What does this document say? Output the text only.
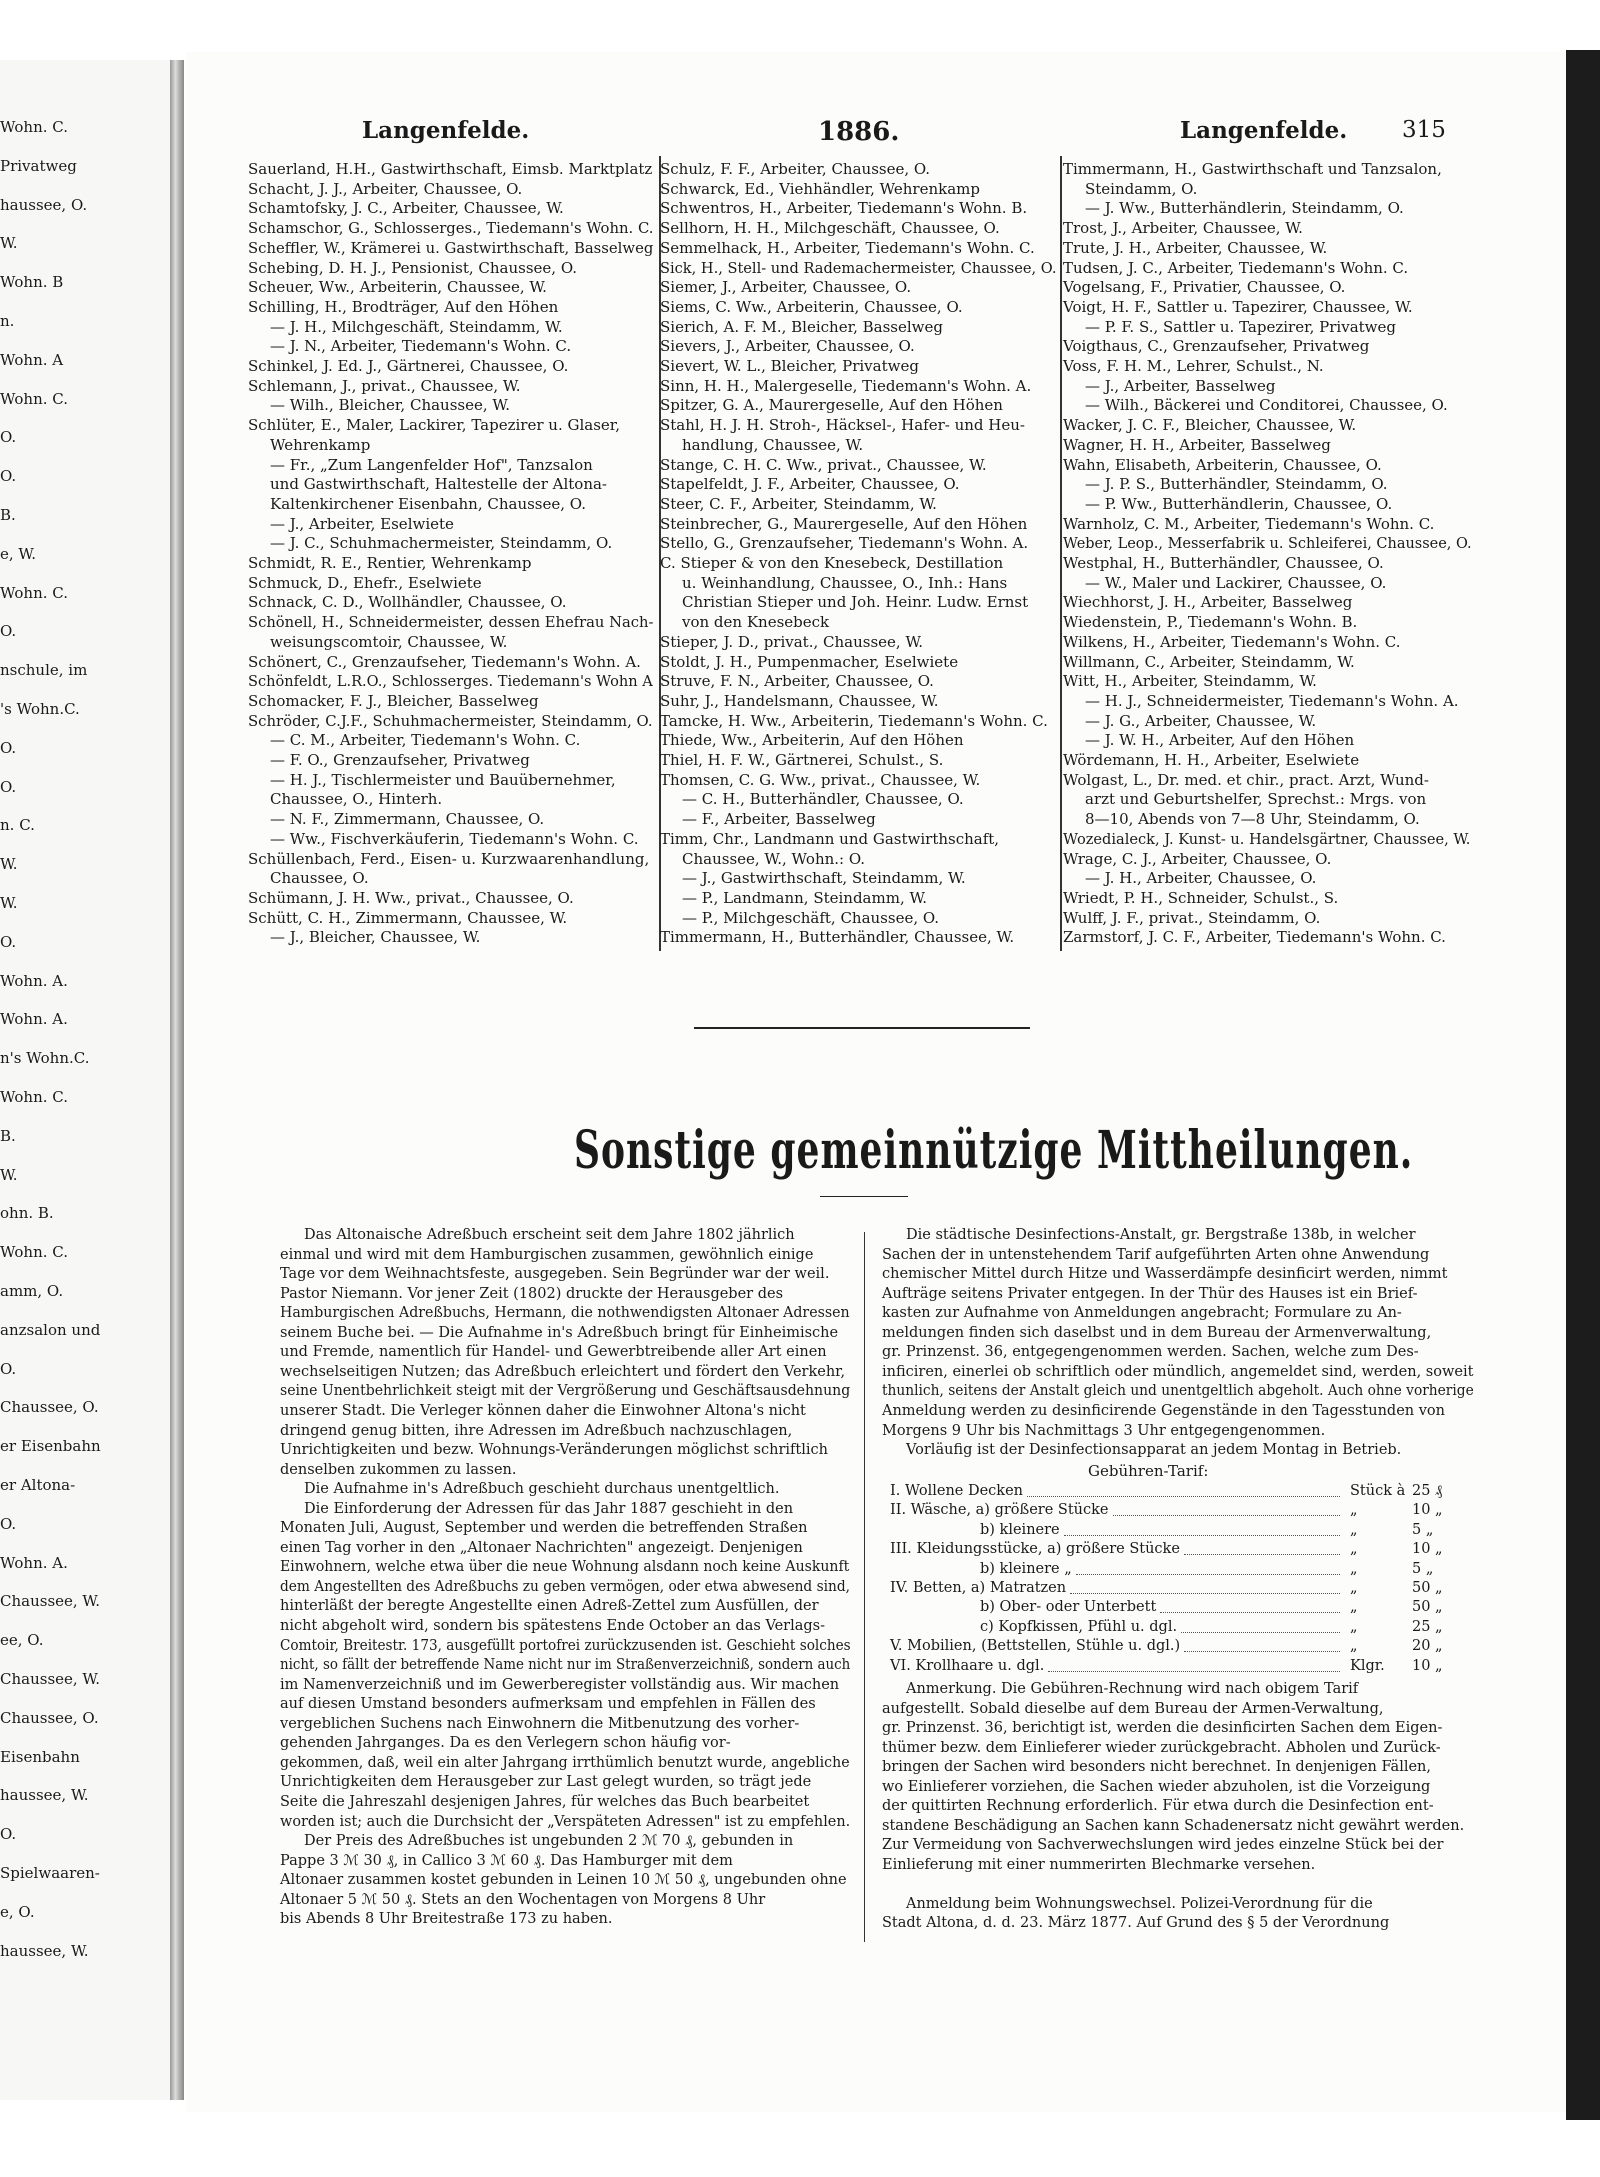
Langenfelde.	1886.	Langenfelde. 315
Sauerland, H.H., Gastwirthschaft, Eimsb. Marktplatz
Schacht, J. J., Arbeiter, Chaussee, O.
Schamtofsky, J. C., Arbeiter, Chaussee, W.
Schamschor, G., Schlosserges., Tiedemann's Wohn. C.
Scheffler, W., Krämerei u. Gastwirthschaft, Basselweg
Schebing, D. H. J., Pensionist, Chaussee, O.
Scheuer, Ww., Arbeiterin, Chaussee, W.
Schilling, H., Brodträger, Auf den Höhen
— J. H., Milchgeschäft, Steindamm, W.
— J. N., Arbeiter, Tiedemann's Wohn. C.
Schinkel, J. Ed. J., Gärtnerei, Chaussee, O.
Schlemann, J., privat., Chaussee, W.
— Wilh., Bleicher, Chaussee, W.
Schlüter, E., Maler, Lackirer, Tapezirer u. Glaser,
Wehrenkamp
— Fr., „Zum Langenfelder Hof", Tanzsalon
und Gastwirthschaft, Haltestelle der Altona-
Kaltenkirchener Eisenbahn, Chaussee, O.
— J., Arbeiter, Eselwiete
— J. C., Schuhmachermeister, Steindamm, O.
Schmidt, R. E., Rentier, Wehrenkamp
Schmuck, D., Ehefr., Eselwiete
Schnack, C. D., Wollhändler, Chaussee, O.
Schönell, H., Schneidermeister, dessen Ehefrau Nach-
weisungscomtoir, Chaussee, W.
Schönert, C., Grenzaufseher, Tiedemann's Wohn. A.
Schönfeldt, L.R.O., Schlosserges. Tiedemann's Wohn A
Schomacker, F. J., Bleicher, Basselweg
Schröder, C.J.F., Schuhmachermeister, Steindamm, O.
— C. M., Arbeiter, Tiedemann's Wohn. C.
— F. O., Grenzaufseher, Privatweg
— H. J., Tischlermeister und Bauübernehmer,
Chaussee, O., Hinterh.
— N. F., Zimmermann, Chaussee, O.
— Ww., Fischverkäuferin, Tiedemann's Wohn. C.
Schüllenbach, Ferd., Eisen- u. Kurzwaarenhandlung,
Chaussee, O.
Schümann, J. H. Ww., privat., Chaussee, O.
Schütt, C. H., Zimmermann, Chaussee, W.
— J., Bleicher, Chaussee, W.
Schulz, F. F., Arbeiter, Chaussee, O.
Schwarck, Ed., Viehhändler, Wehrenkamp
Schwentros, H., Arbeiter, Tiedemann's Wohn. B.
Sellhorn, H. H., Milchgeschäft, Chaussee, O.
Semmelhack, H., Arbeiter, Tiedemann's Wohn. C.
Sick, H., Stell- und Rademachermeister, Chaussee, O.
Siemer, J., Arbeiter, Chaussee, O.
Siems, C. Ww., Arbeiterin, Chaussee, O.
Sierich, A. F. M., Bleicher, Basselweg
Sievers, J., Arbeiter, Chaussee, O.
Sievert, W. L., Bleicher, Privatweg
Sinn, H. H., Malergeselle, Tiedemann's Wohn. A.
Spitzer, G. A., Maurergeselle, Auf den Höhen
Stahl, H. J. H. Stroh-, Häcksel-, Hafer- und Heu-
handlung, Chaussee, W.
Stange, C. H. C. Ww., privat., Chaussee, W.
Stapelfeldt, J. F., Arbeiter, Chaussee, O.
Steer, C. F., Arbeiter, Steindamm, W.
Steinbrecher, G., Maurergeselle, Auf den Höhen
Stello, G., Grenzaufseher, Tiedemann's Wohn. A.
C. Stieper & von den Knesebeck, Destillation
u. Weinhandlung, Chaussee, O., Inh.: Hans
Christian Stieper und Joh. Heinr. Ludw. Ernst
von den Knesebeck
Stieper, J. D., privat., Chaussee, W.
Stoldt, J. H., Pumpenmacher, Eselwiete
Struve, F. N., Arbeiter, Chaussee, O.
Suhr, J., Handelsmann, Chaussee, W.
Tamcke, H. Ww., Arbeiterin, Tiedemann's Wohn. C.
Thiede, Ww., Arbeiterin, Auf den Höhen
Thiel, H. F. W., Gärtnerei, Schulst., S.
Thomsen, C. G. Ww., privat., Chaussee, W.
— C. H., Butterhändler, Chaussee, O.
— F., Arbeiter, Basselweg
Timm, Chr., Landmann und Gastwirthschaft,
Chaussee, W., Wohn.: O.
— J., Gastwirthschaft, Steindamm, W.
— P., Landmann, Steindamm, W.
— P., Milchgeschäft, Chaussee, O.
Timmermann, H., Butterhändler, Chaussee, W.
Timmermann, H., Gastwirthschaft und Tanzsalon,
Steindamm, O.
— J. Ww., Butterhändlerin, Steindamm, O.
Trost, J., Arbeiter, Chaussee, W.
Trute, J. H., Arbeiter, Chaussee, W.
Tudsen, J. C., Arbeiter, Tiedemann's Wohn. C.
Vogelsang, F., Privatier, Chaussee, O.
Voigt, H. F., Sattler u. Tapezirer, Chaussee, W.
— P. F. S., Sattler u. Tapezirer, Privatweg
Voigthaus, C., Grenzaufseher, Privatweg
Voss, F. H. M., Lehrer, Schulst., N.
— J., Arbeiter, Basselweg
— Wilh., Bäckerei und Conditorei, Chaussee, O.
Wacker, J. C. F., Bleicher, Chaussee, W.
Wagner, H. H., Arbeiter, Basselweg
Wahn, Elisabeth, Arbeiterin, Chaussee, O.
— J. P. S., Butterhändler, Steindamm, O.
— P. Ww., Butterhändlerin, Chaussee, O.
Warnholz, C. M., Arbeiter, Tiedemann's Wohn. C.
Weber, Leop., Messerfabrik u. Schleiferei, Chaussee, O.
Westphal, H., Butterhändler, Chaussee, O.
— W., Maler und Lackirer, Chaussee, O.
Wiechhorst, J. H., Arbeiter, Basselweg
Wiedenstein, P., Tiedemann's Wohn. B.
Wilkens, H., Arbeiter, Tiedemann's Wohn. C.
Willmann, C., Arbeiter, Steindamm, W.
Witt, H., Arbeiter, Steindamm, W.
— H. J., Schneidermeister, Tiedemann's Wohn. A.
— J. G., Arbeiter, Chaussee, W.
— J. W. H., Arbeiter, Auf den Höhen
Wördemann, H. H., Arbeiter, Eselwiete
Wolgast, L., Dr. med. et chir., pract. Arzt, Wund-
arzt und Geburtshelfer, Sprechst.: Mrgs. von
8—10, Abends von 7—8 Uhr, Steindamm, O.
Wozedialeck, J. Kunst- u. Handelsgärtner, Chaussee, W.
Wrage, C. J., Arbeiter, Chaussee, O.
— J. H., Arbeiter, Chaussee, O.
Wriedt, P. H., Schneider, Schulst., S.
Wulff, J. F., privat., Steindamm, O.
Zarmstorf, J. C. F., Arbeiter, Tiedemann's Wohn. C.
Sonstige gemeinnützige Mittheilungen.
Das Altonaische Adreßbuch erscheint seit dem Jahre 1802 jährlich
einmal und wird mit dem Hamburgischen zusammen, gewöhnlich einige
Tage vor dem Weihnachtsfeste, ausgegeben. Sein Begründer war der weil.
Pastor Niemann. Vor jener Zeit (1802) druckte der Herausgeber des
Hamburgischen Adreßbuchs, Hermann, die nothwendigsten Altonaer Adressen
seinem Buche bei. — Die Aufnahme in's Adreßbuch bringt für Einheimische
und Fremde, namentlich für Handel- und Gewerbtreibende aller Art einen
wechselseitigen Nutzen; das Adreßbuch erleichtert und fördert den Verkehr,
seine Unentbehrlichkeit steigt mit der Vergrößerung und Geschäftsausdehnung
unserer Stadt. Die Verleger können daher die Einwohner Altona's nicht
dringend genug bitten, ihre Adressen im Adreßbuch nachzuschlagen,
Unrichtigkeiten und bezw. Wohnungs-Veränderungen möglichst schriftlich
denselben zukommen zu lassen.
Die Aufnahme in's Adreßbuch geschieht durchaus unentgeltlich.
Die Einforderung der Adressen für das Jahr 1887 geschieht in den
Monaten Juli, August, September und werden die betreffenden Straßen
einen Tag vorher in den „Altonaer Nachrichten" angezeigt. Denjenigen
Einwohnern, welche etwa über die neue Wohnung alsdann noch keine Auskunft
dem Angestellten des Adreßbuchs zu geben vermögen, oder etwa abwesend sind,
hinterläßt der beregte Angestellte einen Adreß-Zettel zum Ausfüllen, der
nicht abgeholt wird, sondern bis spätestens Ende October an das Verlags-
Comtoir, Breitestr. 173, ausgefüllt portofrei zurückzusenden ist. Geschieht solches
nicht, so fällt der betreffende Name nicht nur im Straßenverzeichniß, sondern auch
im Namenverzeichniß und im Gewerberegister vollständig aus. Wir machen
auf diesen Umstand besonders aufmerksam und empfehlen in Fällen des
vergeblichen Suchens nach Einwohnern die Mitbenutzung des vorher-
gehenden Jahrganges. Da es den Verlegern schon häufig vor-
gekommen, daß, weil ein alter Jahrgang irrthümlich benutzt wurde, angebliche
Unrichtigkeiten dem Herausgeber zur Last gelegt wurden, so trägt jede
Seite die Jahreszahl desjenigen Jahres, für welches das Buch bearbeitet
worden ist; auch die Durchsicht der „Verspäteten Adressen" ist zu empfehlen.
Der Preis des Adreßbuches ist ungebunden 2 ℳ 70 ₰, gebunden in
Pappe 3 ℳ 30 ₰, in Callico 3 ℳ 60 ₰. Das Hamburger mit dem
Altonaer zusammen kostet gebunden in Leinen 10 ℳ 50 ₰, ungebunden ohne
Altonaer 5 ℳ 50 ₰. Stets an den Wochentagen von Morgens 8 Uhr
bis Abends 8 Uhr Breitestraße 173 zu haben.
Die städtische Desinfections-Anstalt, gr. Bergstraße 138b, in welcher
Sachen der in untenstehendem Tarif aufgeführten Arten ohne Anwendung
chemischer Mittel durch Hitze und Wasserdämpfe desinficirt werden, nimmt
Aufträge seitens Privater entgegen. In der Thür des Hauses ist ein Brief-
kasten zur Aufnahme von Anmeldungen angebracht; Formulare zu An-
meldungen finden sich daselbst und in dem Bureau der Armenverwaltung,
gr. Prinzenst. 36, entgegengenommen werden. Sachen, welche zum Des-
inficiren, einerlei ob schriftlich oder mündlich, angemeldet sind, werden, soweit
thunlich, seitens der Anstalt gleich und unentgeltlich abgeholt. Auch ohne vorherige
Anmeldung werden zu desinficirende Gegenstände in den Tagesstunden von
Morgens 9 Uhr bis Nachmittags 3 Uhr entgegengenommen.
Vorläufig ist der Desinfectionsapparat an jedem Montag in Betrieb.
Gebühren-Tarif:
I. Wollene Decken	Stück à 25 ₰
II. Wäsche, a) größere Stücke	„	10 „
b) kleinere	„	5 „
III. Kleidungsstücke, a) größere Stücke	„	10 „
b) kleinere „	„	5 „
IV. Betten, a) Matratzen	„	50 „
b) Ober- oder Unterbett	„	50 „
c) Kopfkissen, Pfühl u. dgl.	„	25 „
V. Mobilien, (Bettstellen, Stühle u. dgl.)	„	20 „
VI. Krollhaare u. dgl.	Klgr. 10 „
Anmerkung. Die Gebühren-Rechnung wird nach obigem Tarif
aufgestellt. Sobald dieselbe auf dem Bureau der Armen-Verwaltung,
gr. Prinzenst. 36, berichtigt ist, werden die desinficirten Sachen dem Eigen-
thümer bezw. dem Einlieferer wieder zurückgebracht. Abholen und Zurück-
bringen der Sachen wird besonders nicht berechnet. In denjenigen Fällen,
wo Einlieferer vorziehen, die Sachen wieder abzuholen, ist die Vorzeigung
der quittirten Rechnung erforderlich. Für etwa durch die Desinfection ent-
standene Beschädigung an Sachen kann Schadenersatz nicht gewährt werden.
Zur Vermeidung von Sachverwechslungen wird jedes einzelne Stück bei der
Einlieferung mit einer nummerirten Blechmarke versehen.
Anmeldung beim Wohnungswechsel. Polizei-Verordnung für die
Stadt Altona, d. d. 23. März 1877. Auf Grund des § 5 der Verordnung
Wohn. C.
Privatweg
haussee, O.
W.
Wohn. B
n.
Wohn. A
Wohn. C.
O.
O.
B.
e, W.
Wohn. C.
O.
nschule, im
's Wohn.C.
O.
O.
n. C.
W.
W.
O.
Wohn. A.
Wohn. A.
n's Wohn.C.
Wohn. C.
B.
W.
ohn. B.
Wohn. C.
amm, O.
anzsalon und
O.
Chaussee, O.
er Eisenbahn
er Altona-
O.
Wohn. A.
Chaussee, W.
ee, O.
Chaussee, W.
Chaussee, O.
Eisenbahn
haussee, W.
O.
Spielwaaren-
e, O.
haussee, W.
